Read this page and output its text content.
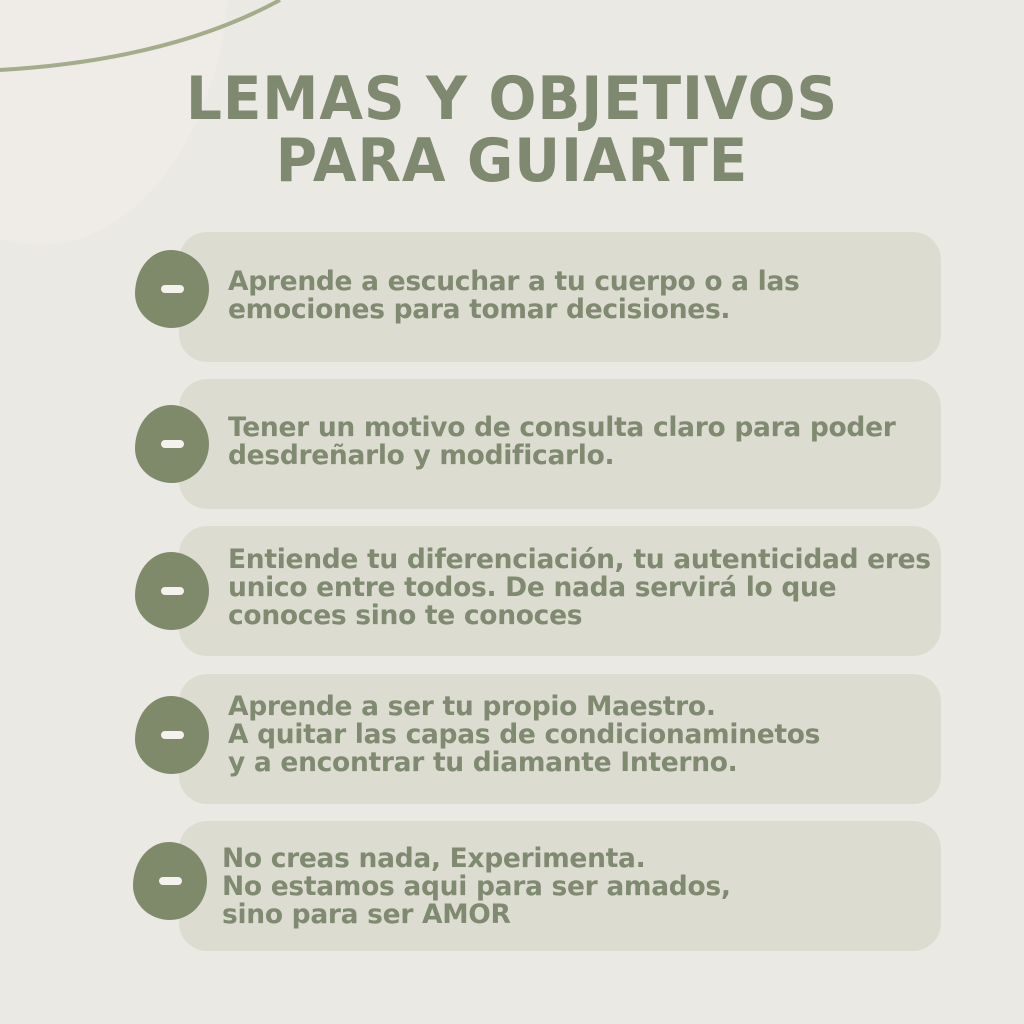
LEMAS Y OBJETIVOS
PARA GUIARTE
Aprende a escuchar a tu cuerpo o a las
emociones para tomar decisiones.
Tener un motivo de consulta claro para poder
desdreñarlo y modificarlo.
Entiende tu diferenciación, tu autenticidad eres
unico entre todos. De nada servirá lo que
conoces sino te conoces
Aprende a ser tu propio Maestro.
A quitar las capas de condicionaminetos
y a encontrar tu diamante Interno.
No creas nada, Experimenta.
No estamos aqui para ser amados,
sino para ser AMOR
